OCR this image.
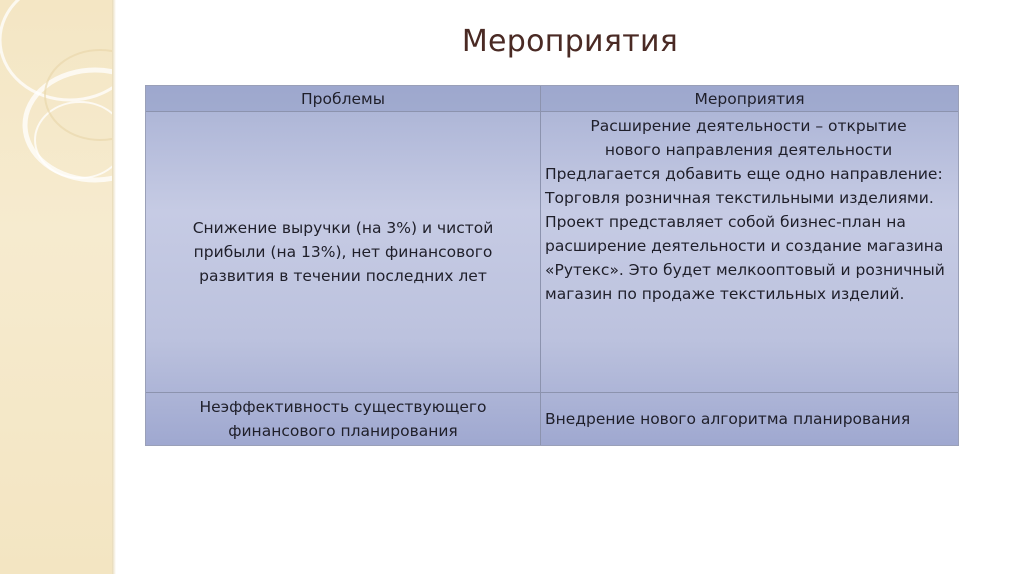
Мероприятия
Проблемы	Мероприятия
Снижение выручки (на 3%) и чистой прибыли (на 13%), нет финансового развития в течении последних лет
Расширение деятельности – открытие нового направления деятельности
Предлагается добавить еще одно направление: Торговля розничная текстильными изделиями.
Проект представляет собой бизнес-план на расширение деятельности и создание магазина «Рутекс». Это будет мелкооптовый и розничный магазин по продаже текстильных изделий.
Неэффективность существующего финансового планирования
Внедрение нового алгоритма планирования
